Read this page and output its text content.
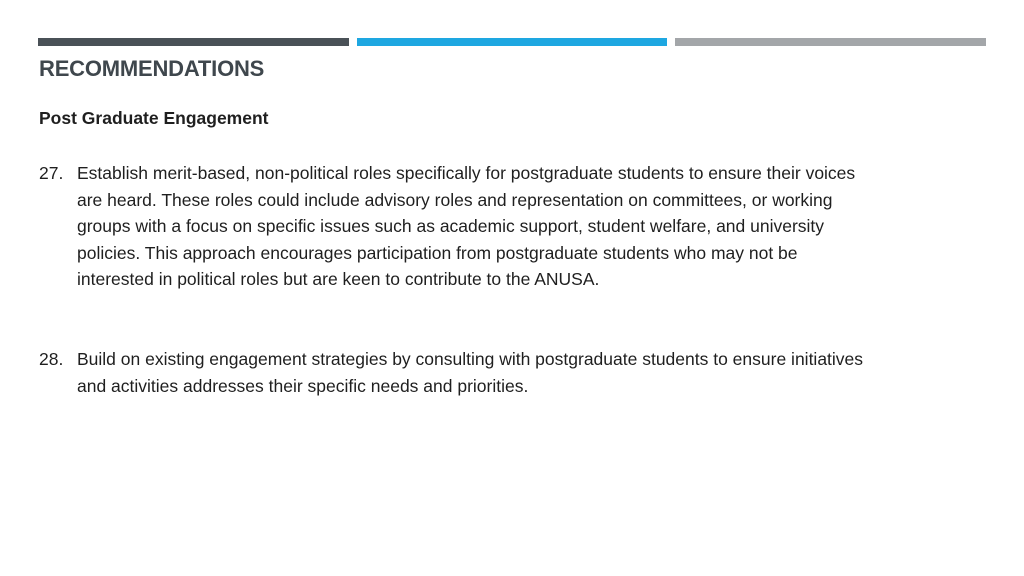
RECOMMENDATIONS
Post Graduate Engagement
27. Establish merit-based, non-political roles specifically for postgraduate students to ensure their voices
are heard. These roles could include advisory roles and representation on committees, or working
groups with a focus on specific issues such as academic support, student welfare, and university
policies. This approach encourages participation from postgraduate students who may not be
interested in political roles but are keen to contribute to the ANUSA.
28. Build on existing engagement strategies by consulting with postgraduate students to ensure initiatives
and activities addresses their specific needs and priorities.
